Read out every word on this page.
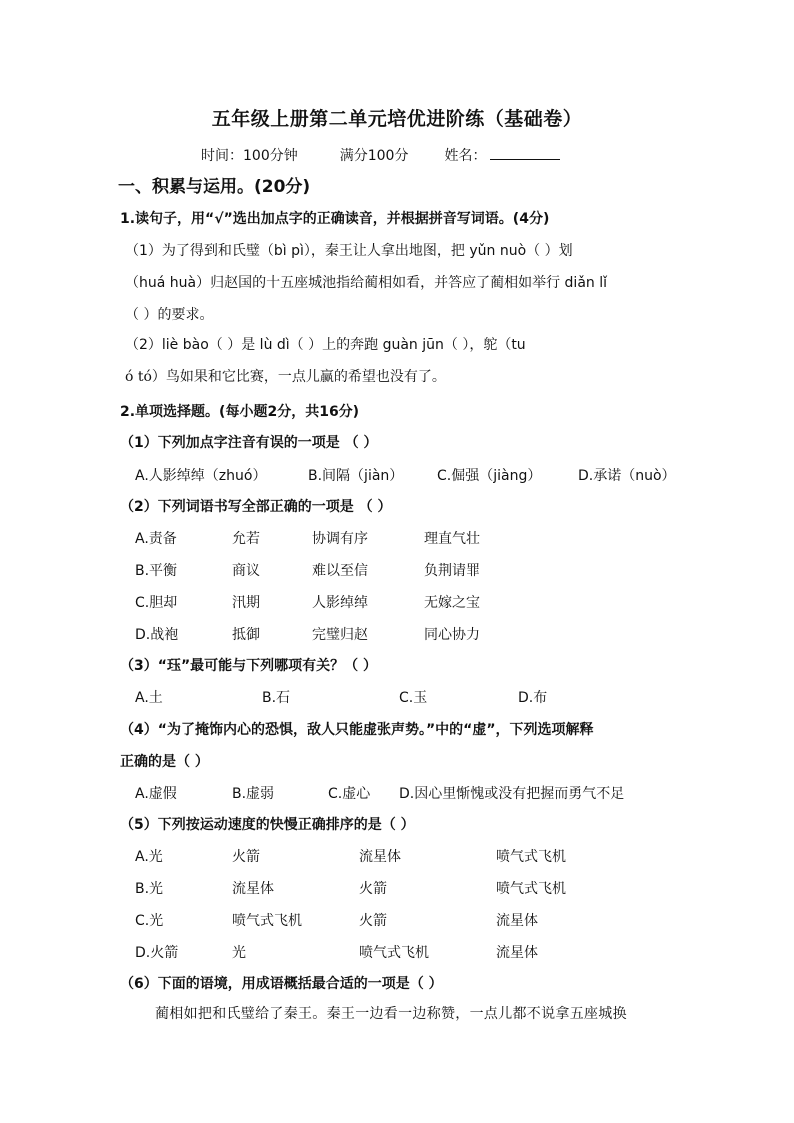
五年级上册第二单元培优进阶练（基础卷）
时间：100分钟	满分100分	姓名：
一、积累与运用。(20分)
1.读句子，用“√”选出加点字的正确读音，并根据拼音写词语。(4分)
（1）为了得到和氏璧（bì pì），秦王让人拿出地图，把 yǔn nuò（ ）划
（huá huà）归赵国的十五座城池指给蔺相如看，并答应了蔺相如举行 diǎn lǐ
（ ）的要求。
（2）liè bào（ ）是 lù dì（ ）上的奔跑 guàn jūn（ ），鸵（tu
ó tó）鸟如果和它比赛，一点儿赢的希望也没有了。
2.单项选择题。(每小题2分，共16分)
（1）下列加点字注音有误的一项是 （ ）
A.人影绰绰（zhuó）	B.间隔（jiàn） C.倔强（jiàng）	D.承诺（nuò）
（2）下列词语书写全部正确的一项是 （ ）
A.责备	允若	协调有序	理直气壮
B.平衡	商议	难以至信	负荆请罪
C.胆却	汛期	人影绰绰	无嫁之宝
D.战袍	抵御	完璧归赵	同心协力
（3）“珏”最可能与下列哪项有关？（ ）
A.土	B.石	C.玉	D.布
（4）“为了掩饰内心的恐惧，敌人只能虚张声势。”中的“虚”，下列选项解释
正确的是（ ）
A.虚假	B.虚弱	C.虚心 D.因心里惭愧或没有把握而勇气不足
（5）下列按运动速度的快慢正确排序的是（ ）
A.光	火箭	流星体	喷气式飞机
B.光	流星体	火箭	喷气式飞机
C.光	喷气式飞机	火箭	流星体
D.火箭	光	喷气式飞机	流星体
（6）下面的语境，用成语概括最合适的一项是（ ）
蔺相如把和氏璧给了秦王。秦王一边看一边称赞，一点儿都不说拿五座城换
